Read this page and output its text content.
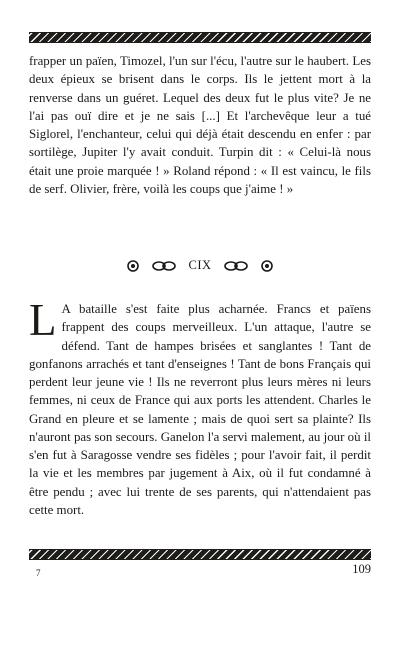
frapper un païen, Timozel, l'un sur l'écu, l'autre sur le haubert. Les deux épieux se brisent dans le corps. Ils le jettent mort à la renverse dans un guéret. Lequel des deux fut le plus vite? Je ne l'ai pas ouï dire et je ne sais [...] Et l'archevêque leur a tué Siglorel, l'enchanteur, celui qui déjà était descendu en enfer : par sortilège, Jupiter l'y avait conduit. Turpin dit : « Celui-là nous était une proie marquée ! » Roland répond : « Il est vaincu, le fils de serf. Olivier, frère, voilà les coups que j'aime ! »

CIX

L A bataille s'est faite plus acharnée. Francs et païens frappent des coups merveilleux. L'un attaque, l'autre se défend. Tant de hampes brisées et sanglantes ! Tant de gonfanons arrachés et tant d'enseignes ! Tant de bons Français qui perdent leur jeune vie ! Ils ne reverront plus leurs mères ni leurs femmes, ni ceux de France qui aux ports les attendent. Charles le Grand en pleure et se lamente ; mais de quoi sert sa plainte? Ils n'auront pas son secours. Ganelon l'a servi malement, au jour où il s'en fut à Saragosse vendre ses fidèles ; pour l'avoir fait, il perdit la vie et les membres par jugement à Aix, où il fut condamné à être pendu ; avec lui trente de ses parents, qui n'attendaient pas cette mort.

7	109
